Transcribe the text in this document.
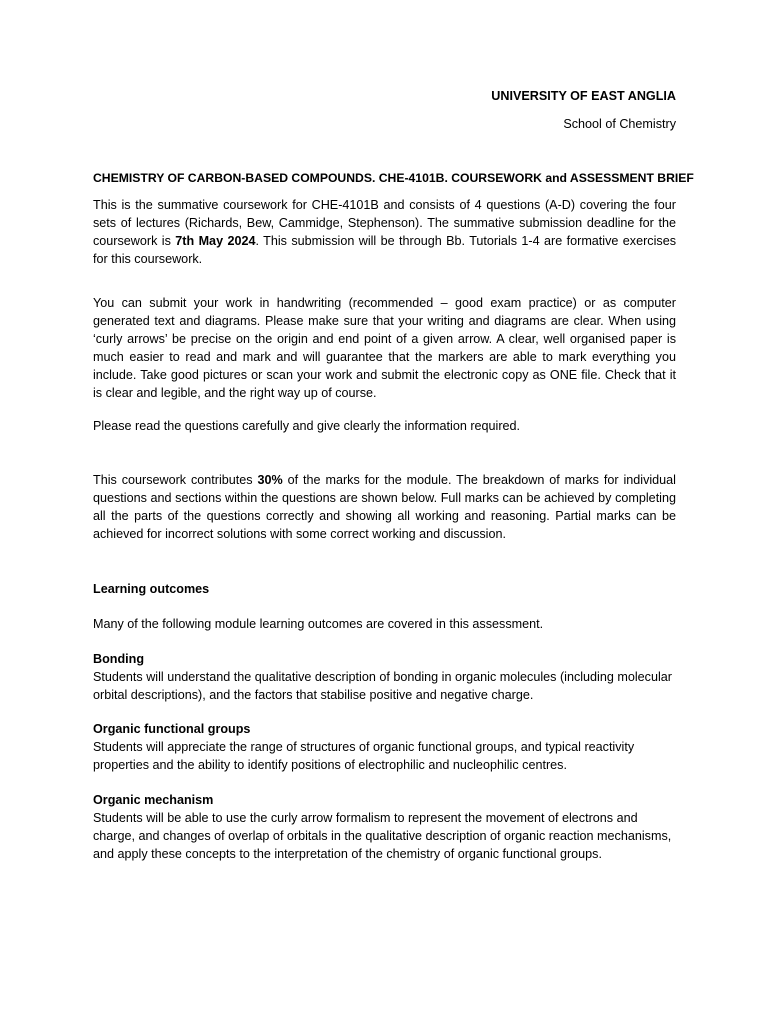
UNIVERSITY OF EAST ANGLIA

School of Chemistry

CHEMISTRY OF CARBON-BASED COMPOUNDS. CHE-4101B. COURSEWORK and ASSESSMENT BRIEF

This is the summative coursework for CHE-4101B and consists of 4 questions (A-D) covering the four sets of lectures (Richards, Bew, Cammidge, Stephenson). The summative submission deadline for the coursework is 7th May 2024. This submission will be through Bb. Tutorials 1-4 are formative exercises for this coursework.

You can submit your work in handwriting (recommended – good exam practice) or as computer generated text and diagrams. Please make sure that your writing and diagrams are clear. When using ‘curly arrows’ be precise on the origin and end point of a given arrow. A clear, well organised paper is much easier to read and mark and will guarantee that the markers are able to mark everything you include. Take good pictures or scan your work and submit the electronic copy as ONE file. Check that it is clear and legible, and the right way up of course.

Please read the questions carefully and give clearly the information required.

This coursework contributes 30% of the marks for the module. The breakdown of marks for individual questions and sections within the questions are shown below. Full marks can be achieved by completing all the parts of the questions correctly and showing all working and reasoning. Partial marks can be achieved for incorrect solutions with some correct working and discussion.

Learning outcomes

Many of the following module learning outcomes are covered in this assessment.

Bonding
Students will understand the qualitative description of bonding in organic molecules (including molecular orbital descriptions), and the factors that stabilise positive and negative charge.
Organic functional groups
Students will appreciate the range of structures of organic functional groups, and typical reactivity properties and the ability to identify positions of electrophilic and nucleophilic centres.
Organic mechanism
Students will be able to use the curly arrow formalism to represent the movement of electrons and charge, and changes of overlap of orbitals in the qualitative description of organic reaction mechanisms, and apply these concepts to the interpretation of the chemistry of organic functional groups.
